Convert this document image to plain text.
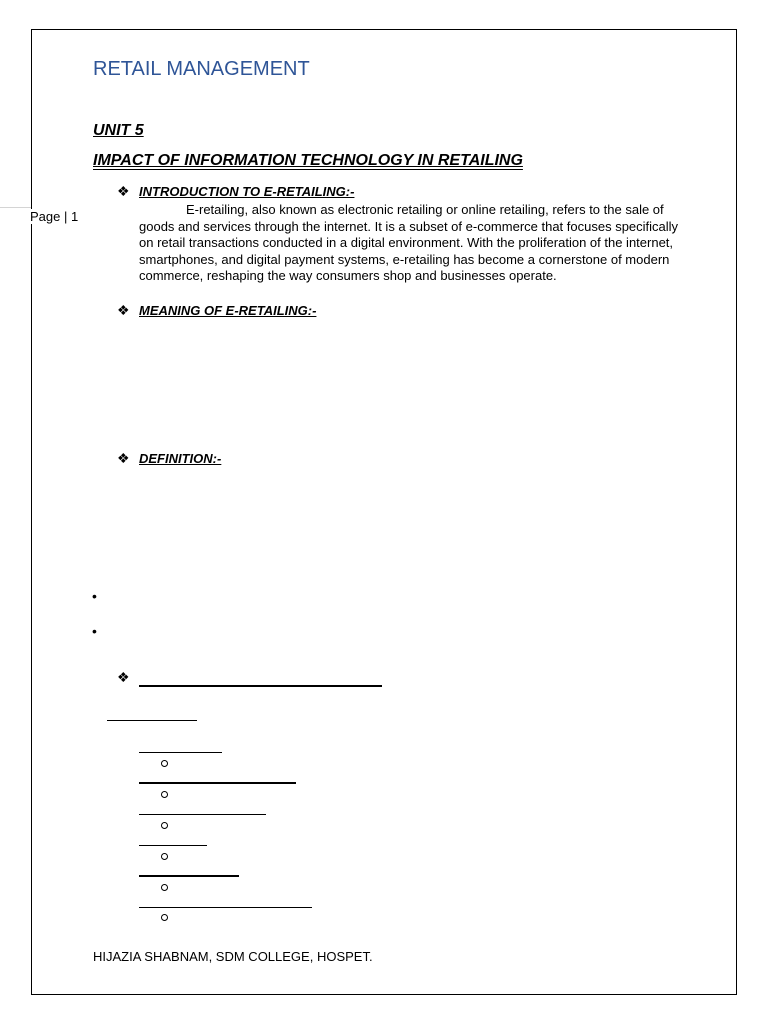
Page | 1
RETAIL MANAGEMENT
UNIT 5
IMPACT OF INFORMATION TECHNOLOGY IN RETAILING
❖ INTRODUCTION TO E-RETAILING:-

E-retailing, also known as electronic retailing or online retailing, refers to the sale of goods and services through the internet. It is a subset of e-commerce that focuses specifically on retail transactions conducted in a digital environment. With the proliferation of the internet, smartphones, and digital payment systems, e-retailing has become a cornerstone of modern commerce, reshaping the way consumers shop and businesses operate.

❖ MEANING OF E-RETAILING:-
❖ DEFINITION:-
•
•
❖
HIJAZIA SHABNAM, SDM COLLEGE, HOSPET.
